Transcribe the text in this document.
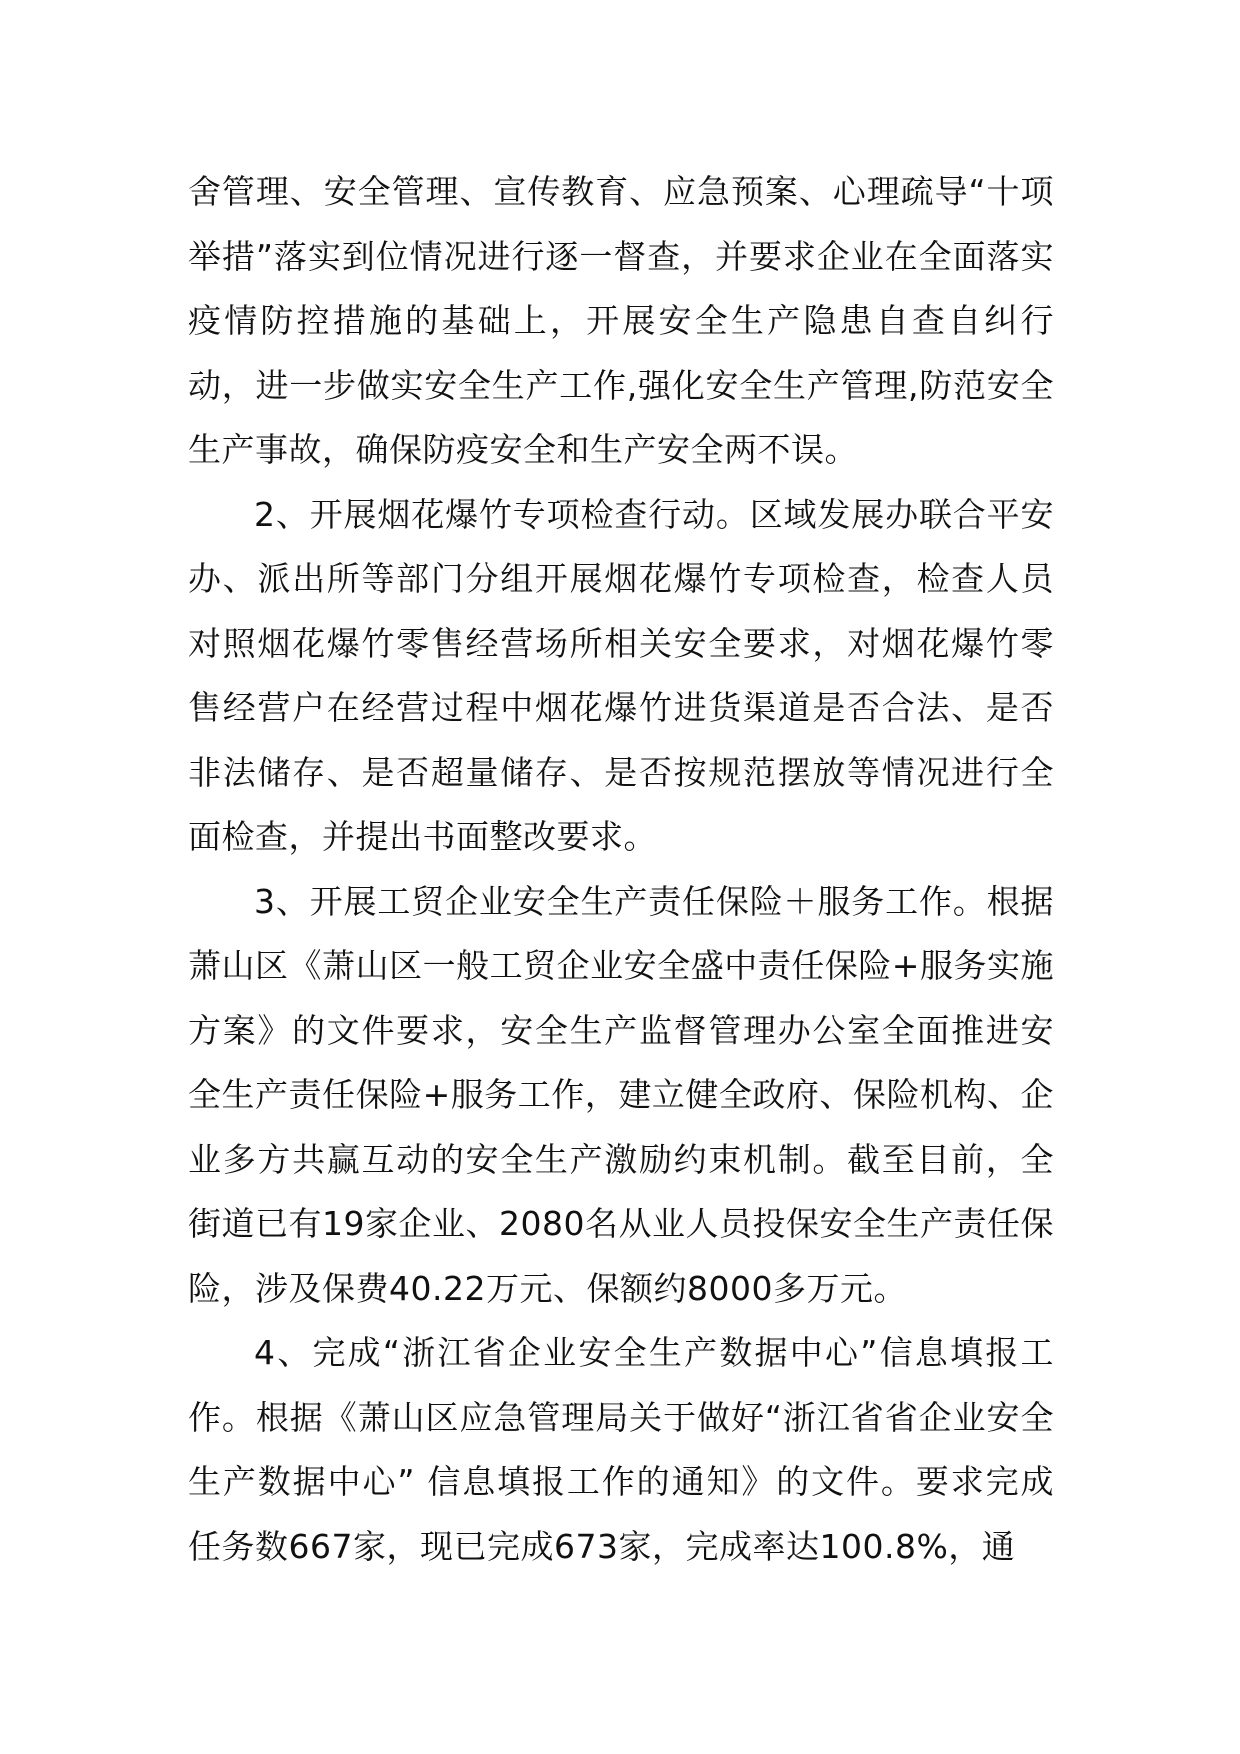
舍管理、安全管理、宣传教育、应急预案、心理疏导“十项举措”落实到位情况进行逐一督查，并要求企业在全面落实疫情防控措施的基础上，开展安全生产隐患自查自纠行动，进一步做实安全生产工作,强化安全生产管理,防范安全生产事故，确保防疫安全和生产安全两不误。

2、开展烟花爆竹专项检查行动。区域发展办联合平安办、派出所等部门分组开展烟花爆竹专项检查，检查人员对照烟花爆竹零售经营场所相关安全要求，对烟花爆竹零售经营户在经营过程中烟花爆竹进货渠道是否合法、是否非法储存、是否超量储存、是否按规范摆放等情况进行全面检查，并提出书面整改要求。

3、开展工贸企业安全生产责任保险＋服务工作。根据萧山区《萧山区一般工贸企业安全盛中责任保险+服务实施方案》的文件要求，安全生产监督管理办公室全面推进安全生产责任保险+服务工作，建立健全政府、保险机构、企业多方共赢互动的安全生产激励约束机制。截至目前，全街道已有19家企业、2080名从业人员投保安全生产责任保险，涉及保费40.22万元、保额约8000多万元。

4、完成“浙江省企业安全生产数据中心”信息填报工作。根据《萧山区应急管理局关于做好“浙江省省企业安全生产数据中心” 信息填报工作的通知》的文件。要求完成任务数667家，现已完成673家，完成率达100.8%，通
